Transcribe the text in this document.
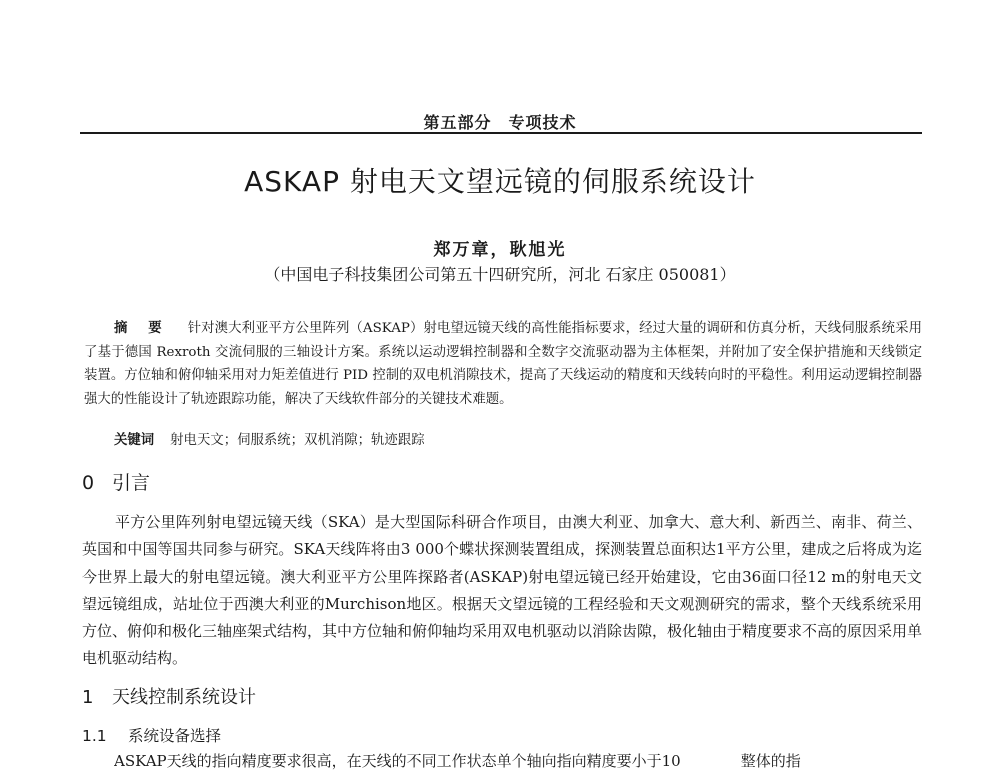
第五部分　专项技术
ASKAP 射电天文望远镜的伺服系统设计
郑万章，耿旭光
（中国电子科技集团公司第五十四研究所，河北 石家庄 050081）
摘 要 针对澳大利亚平方公里阵列（ASKAP）射电望远镜天线的高性能指标要求，经过大量的调研和仿真分析，天线伺服系统采用了基于德国 Rexroth 交流伺服的三轴设计方案。系统以运动逻辑控制器和全数字交流驱动器为主体框架，并附加了安全保护措施和天线锁定装置。方位轴和俯仰轴采用对力矩差值进行 PID 控制的双电机消隙技术，提高了天线运动的精度和天线转向时的平稳性。利用运动逻辑控制器强大的性能设计了轨迹跟踪功能，解决了天线软件部分的关键技术难题。
关键词 射电天文；伺服系统；双机消隙；轨迹跟踪
0 引言
平方公里阵列射电望远镜天线（SKA）是大型国际科研合作项目，由澳大利亚、加拿大、意大利、新西兰、南非、荷兰、英国和中国等国共同参与研究。SKA天线阵将由3 000个蝶状探测装置组成，探测装置总面积达1平方公里，建成之后将成为迄今世界上最大的射电望远镜。澳大利亚平方公里阵探路者(ASKAP)射电望远镜已经开始建设，它由36面口径12 m的射电天文望远镜组成，站址位于西澳大利亚的Murchison地区。根据天文望远镜的工程经验和天文观测研究的需求，整个天线系统采用方位、俯仰和极化三轴座架式结构，其中方位轴和俯仰轴均采用双电机驱动以消除齿隙，极化轴由于精度要求不高的原因采用单电机驱动结构。
1 天线控制系统设计
1.1 系统设备选择
ASKAP天线的指向精度要求很高，在天线的不同工作状态单个轴向指向精度要小于10　　　　整体的指
